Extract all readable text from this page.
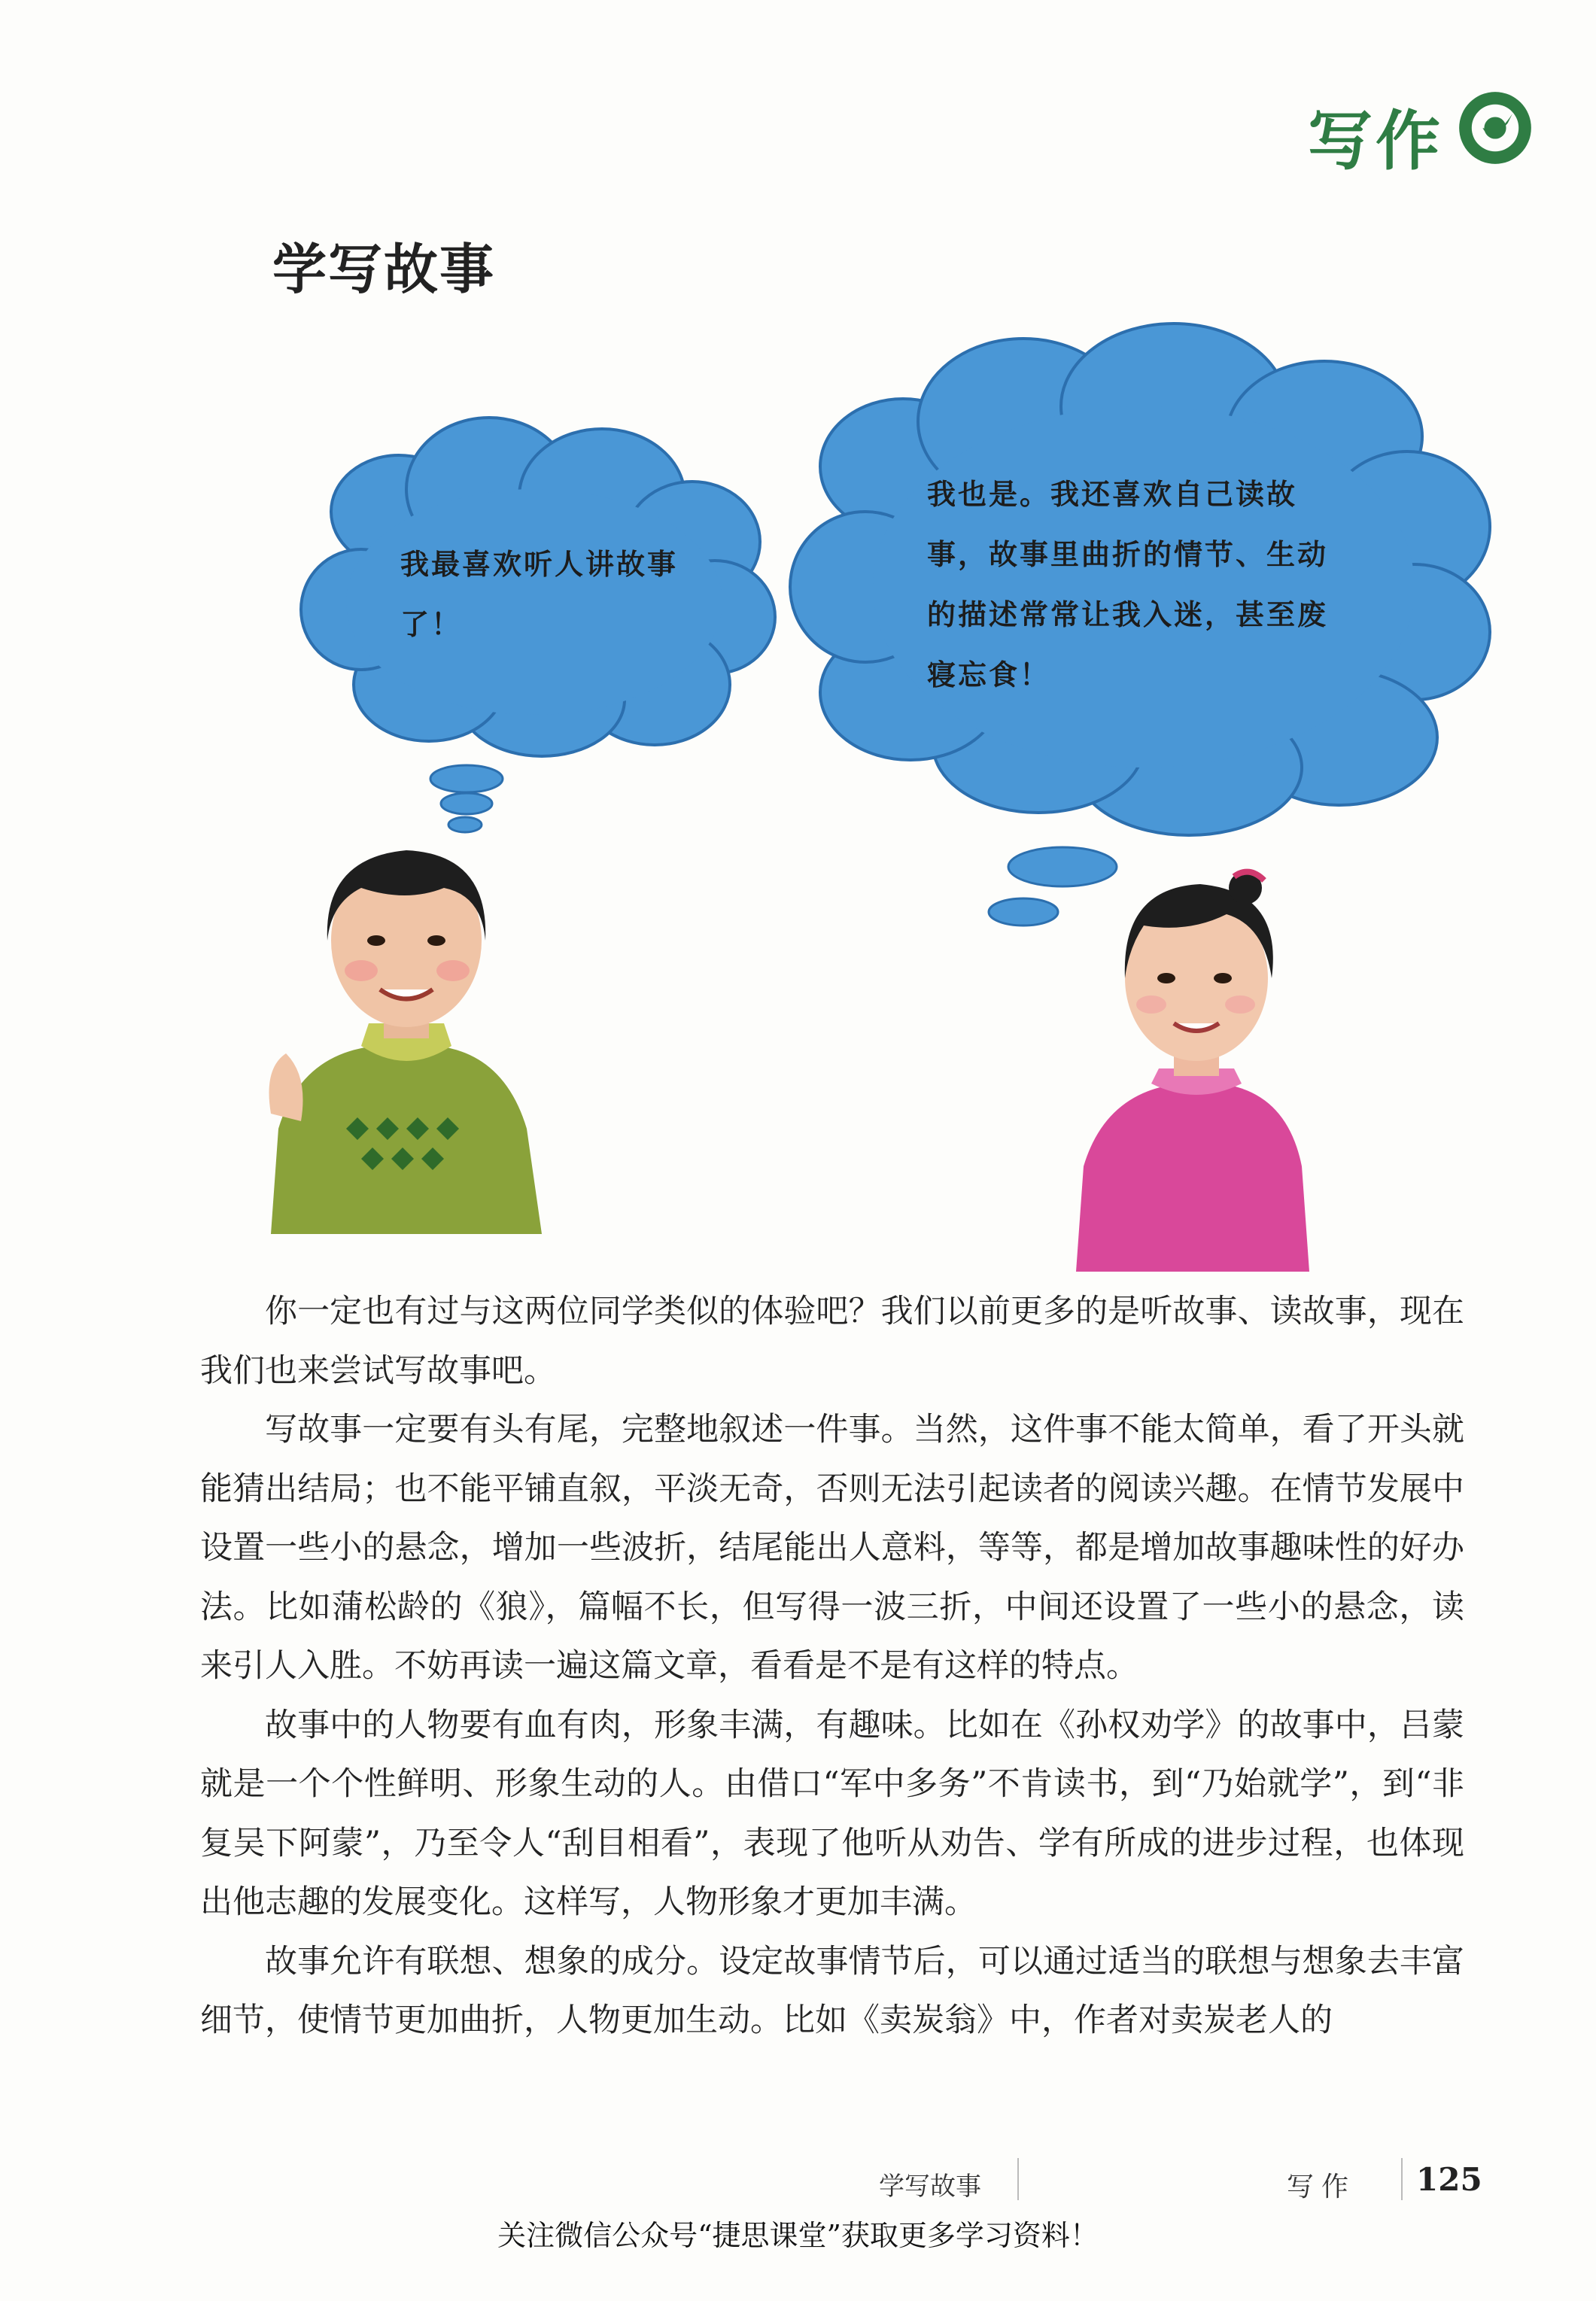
写作
学写故事
我最喜欢听人讲故事了！
我也是。我还喜欢自己读故事，故事里曲折的情节、生动的描述常常让我入迷，甚至废寝忘食！

你一定也有过与这两位同学类似的体验吧？我们以前更多的是听故事、读故事，现在我们也来尝试写故事吧。

写故事一定要有头有尾，完整地叙述一件事。当然，这件事不能太简单，看了开头就能猜出结局；也不能平铺直叙，平淡无奇，否则无法引起读者的阅读兴趣。在情节发展中设置一些小的悬念，增加一些波折，结尾能出人意料，等等，都是增加故事趣味性的好办法。比如蒲松龄的《狼》，篇幅不长，但写得一波三折，中间还设置了一些小的悬念，读来引人入胜。不妨再读一遍这篇文章，看看是不是有这样的特点。

故事中的人物要有血有肉，形象丰满，有趣味。比如在《孙权劝学》的故事中，吕蒙就是一个个性鲜明、形象生动的人。由借口“军中多务”不肯读书，到“乃始就学”，到“非复吴下阿蒙”，乃至令人“刮目相看”，表现了他听从劝告、学有所成的进步过程，也体现出他志趣的发展变化。这样写，人物形象才更加丰满。

故事允许有联想、想象的成分。设定故事情节后，可以通过适当的联想与想象去丰富细节，使情节更加曲折，人物更加生动。比如《卖炭翁》中，作者对卖炭老人的

学写故事	写作 125
关注微信公众号“捷思课堂”获取更多学习资料！
